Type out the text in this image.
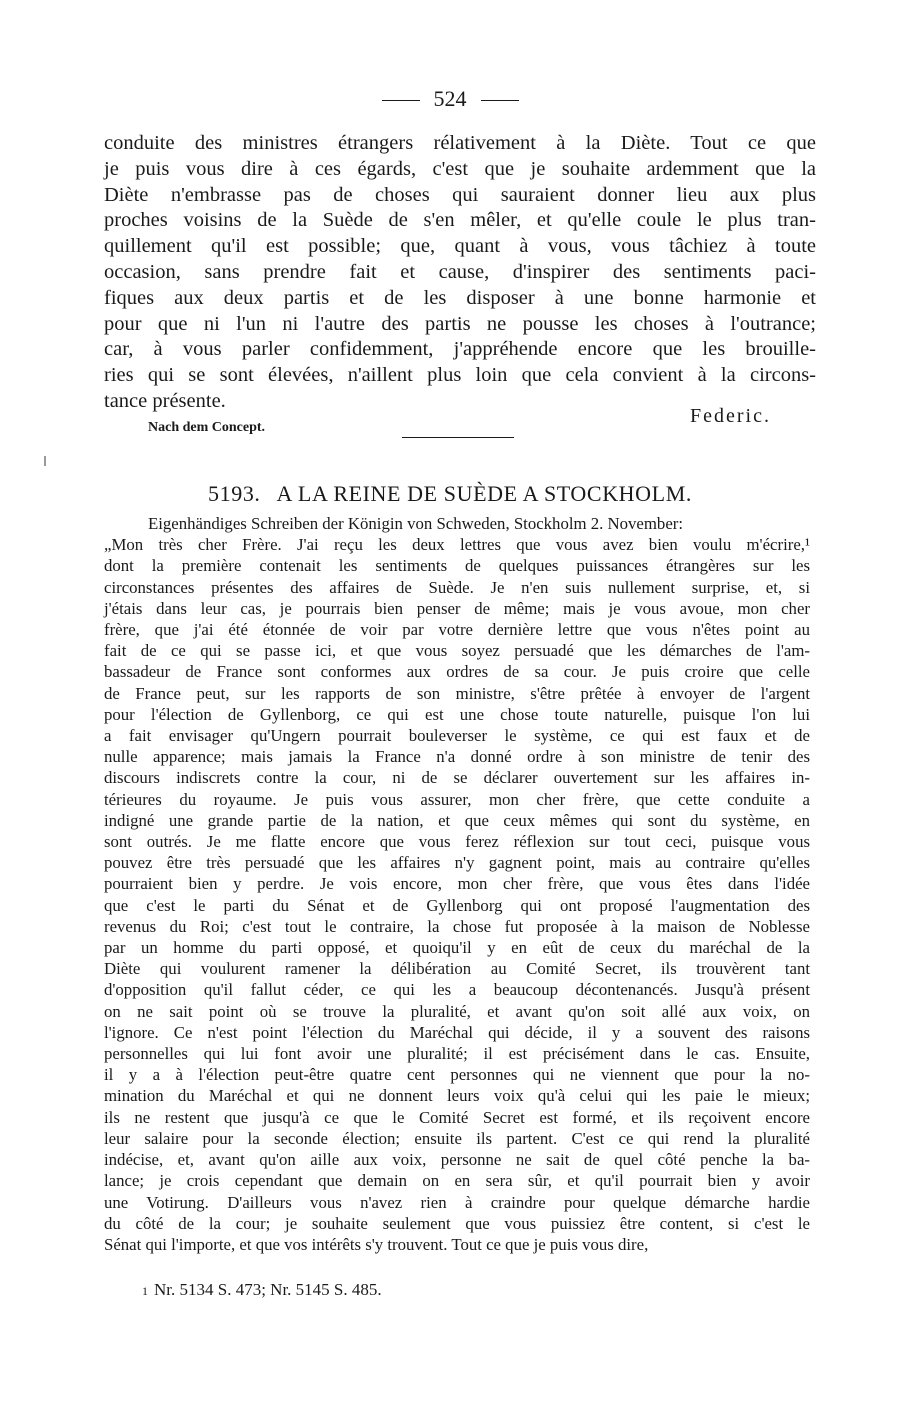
524
conduite des ministres étrangers rélativement à la Diète. Tout ce que
je puis vous dire à ces égards, c'est que je souhaite ardemment que la
Diète n'embrasse pas de choses qui sauraient donner lieu aux plus
proches voisins de la Suède de s'en mêler, et qu'elle coule le plus tran-
quillement qu'il est possible; que, quant à vous, vous tâchiez à toute
occasion, sans prendre fait et cause, d'inspirer des sentiments paci-
fiques aux deux partis et de les disposer à une bonne harmonie et
pour que ni l'un ni l'autre des partis ne pousse les choses à l'outrance;
car, à vous parler confidemment, j'appréhende encore que les brouille-
ries qui se sont élevées, n'aillent plus loin que cela convient à la circons-
tance présente.
Federic.
Nach dem Concept.
5193. A LA REINE DE SUÈDE A STOCKHOLM.
Eigenhändiges Schreiben der Königin von Schweden, Stockholm 2. November:
„Mon très cher Frère. J'ai reçu les deux lettres que vous avez bien voulu m'écrire,¹
dont la première contenait les sentiments de quelques puissances étrangères sur les
circonstances présentes des affaires de Suède. Je n'en suis nullement surprise, et, si
j'étais dans leur cas, je pourrais bien penser de même; mais je vous avoue, mon cher
frère, que j'ai été étonnée de voir par votre dernière lettre que vous n'êtes point au
fait de ce qui se passe ici, et que vous soyez persuadé que les démarches de l'am-
bassadeur de France sont conformes aux ordres de sa cour. Je puis croire que celle
de France peut, sur les rapports de son ministre, s'être prêtée à envoyer de l'argent
pour l'élection de Gyllenborg, ce qui est une chose toute naturelle, puisque l'on lui
a fait envisager qu'Ungern pourrait bouleverser le système, ce qui est faux et de
nulle apparence; mais jamais la France n'a donné ordre à son ministre de tenir des
discours indiscrets contre la cour, ni de se déclarer ouvertement sur les affaires in-
térieures du royaume. Je puis vous assurer, mon cher frère, que cette conduite a
indigné une grande partie de la nation, et que ceux mêmes qui sont du système, en
sont outrés. Je me flatte encore que vous ferez réflexion sur tout ceci, puisque vous
pouvez être très persuadé que les affaires n'y gagnent point, mais au contraire qu'elles
pourraient bien y perdre. Je vois encore, mon cher frère, que vous êtes dans l'idée
que c'est le parti du Sénat et de Gyllenborg qui ont proposé l'augmentation des
revenus du Roi; c'est tout le contraire, la chose fut proposée à la maison de Noblesse
par un homme du parti opposé, et quoiqu'il y en eût de ceux du maréchal de la
Diète qui voulurent ramener la délibération au Comité Secret, ils trouvèrent tant
d'opposition qu'il fallut céder, ce qui les a beaucoup décontenancés. Jusqu'à présent
on ne sait point où se trouve la pluralité, et avant qu'on soit allé aux voix, on
l'ignore. Ce n'est point l'élection du Maréchal qui décide, il y a souvent des raisons
personnelles qui lui font avoir une pluralité; il est précisément dans le cas. Ensuite,
il y a à l'élection peut-être quatre cent personnes qui ne viennent que pour la no-
mination du Maréchal et qui ne donnent leurs voix qu'à celui qui les paie le mieux;
ils ne restent que jusqu'à ce que le Comité Secret est formé, et ils reçoivent encore
leur salaire pour la seconde élection; ensuite ils partent. C'est ce qui rend la pluralité
indécise, et, avant qu'on aille aux voix, personne ne sait de quel côté penche la ba-
lance; je crois cependant que demain on en sera sûr, et qu'il pourrait bien y avoir
une Votirung. D'ailleurs vous n'avez rien à craindre pour quelque démarche hardie
du côté de la cour; je souhaite seulement que vous puissiez être content, si c'est le
Sénat qui l'importe, et que vos intérêts s'y trouvent. Tout ce que je puis vous dire,
1 Nr. 5134 S. 473; Nr. 5145 S. 485.
